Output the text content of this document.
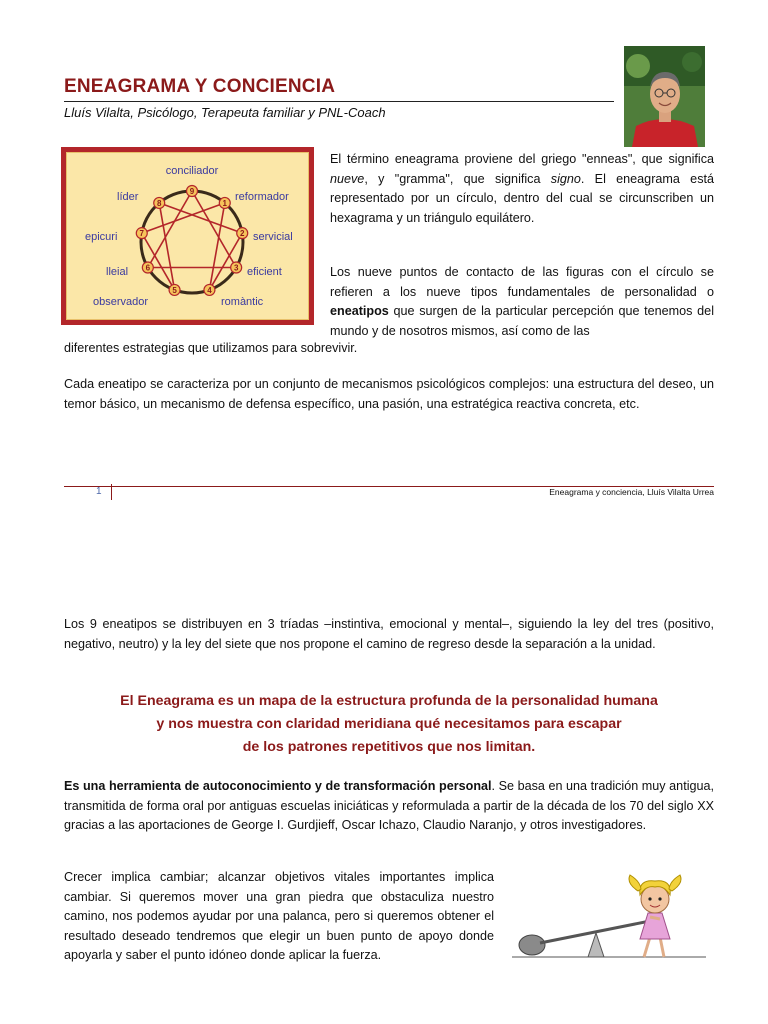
ENEAGRAMA Y CONCIENCIA
Lluís Vilalta, Psicólogo, Terapeuta familiar y PNL-Coach
1
2
3
4
5
6
7
8
9
conciliador
líder	reformador
epicuri	servicial
lleial	eficient
observador	romàntic

El término eneagrama proviene del griego "enneas", que significa nueve, y "gramma", que significa signo. El eneagrama está representado por un círculo, dentro del cual se circunscriben un hexagrama y un triángulo equilátero.

Los nueve puntos de contacto de las figuras con el círculo se refieren a los nueve tipos fundamentales de personalidad o eneatipos que surgen de la particular percepción que tenemos del mundo y de nosotros mismos, así como de las

diferentes estrategias que utilizamos para sobrevivir.

Cada eneatipo se caracteriza por un conjunto de mecanismos psicológicos complejos: una estructura del deseo, un temor básico, un mecanismo de defensa específico, una pasión, una estratégica reactiva concreta, etc.

1	Eneagrama y conciencia, Lluís Vilalta Urrea

Los 9 eneatipos se distribuyen en 3 tríadas –instintiva, emocional y mental–, siguiendo la ley del tres (positivo, negativo, neutro) y la ley del siete que nos propone el camino de regreso desde la separación a la unidad.

El Eneagrama es un mapa de la estructura profunda de la personalidad humana
y nos muestra con claridad meridiana qué necesitamos para escapar
de los patrones repetitivos que nos limitan.

Es una herramienta de autoconocimiento y de transformación personal. Se basa en una tradición muy antigua, transmitida de forma oral por antiguas escuelas iniciáticas y reformulada a partir de la década de los 70 del siglo XX gracias a las aportaciones de George I. Gurdjieff, Oscar Ichazo, Claudio Naranjo, y otros investigadores.

Crecer implica cambiar; alcanzar objetivos vitales importantes implica cambiar. Si queremos mover una gran piedra que obstaculiza nuestro camino, nos podemos ayudar por una palanca, pero si queremos obtener el resultado deseado tendremos que elegir un buen punto de apoyo donde apoyarla y saber el punto idóneo donde aplicar la fuerza.
